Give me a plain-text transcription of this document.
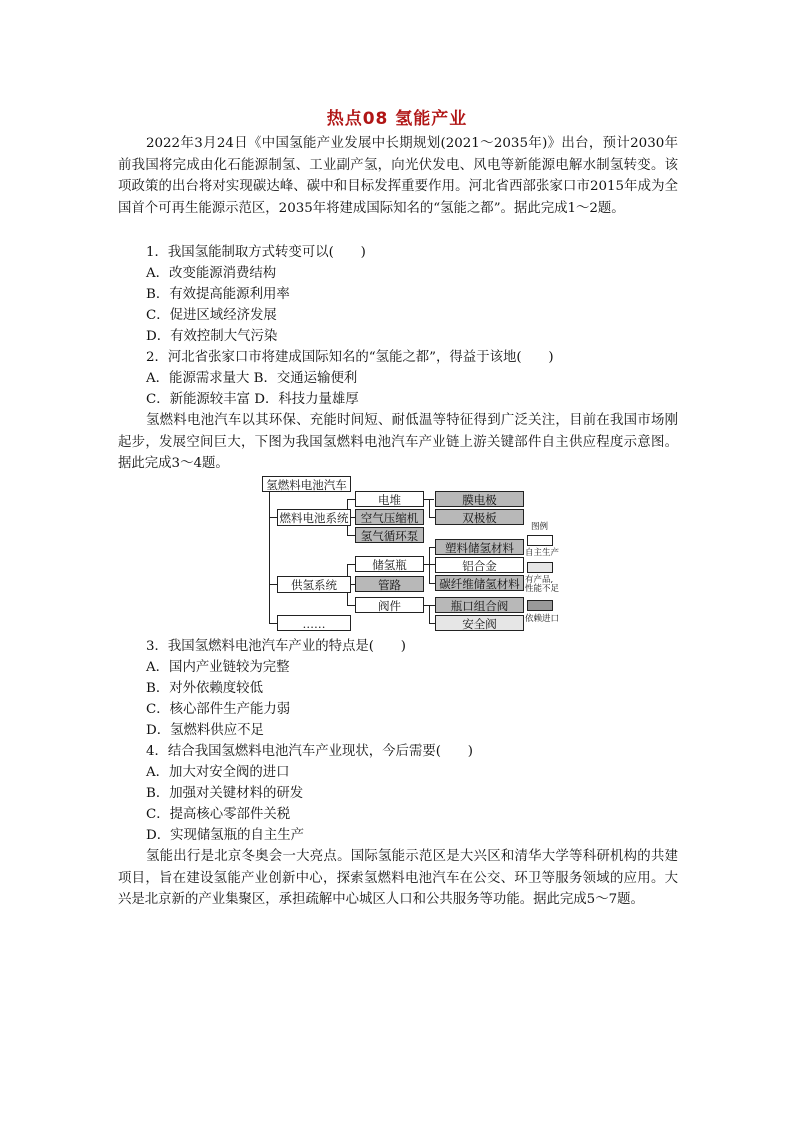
热点08 氢能产业
2022年3月24日《中国氢能产业发展中长期规划(2021～2035年)》出台，预计2030年前我国将完成由化石能源制氢、工业副产氢，向光伏发电、风电等新能源电解水制氢转变。该项政策的出台将对实现碳达峰、碳中和目标发挥重要作用。河北省西部张家口市2015年成为全国首个可再生能源示范区，2035年将建成国际知名的“氢能之都”。据此完成1～2题。
1．我国氢能制取方式转变可以(　　)
A．改变能源消费结构
B．有效提高能源利用率
C．促进区域经济发展
D．有效控制大气污染
2．河北省张家口市将建成国际知名的“氢能之都”，得益于该地(　　)
A．能源需求量大 B．交通运输便利
C．新能源较丰富 D．科技力量雄厚
氢燃料电池汽车以其环保、充能时间短、耐低温等特征得到广泛关注，目前在我国市场刚起步，发展空间巨大，下图为我国氢燃料电池汽车产业链上游关键部件自主供应程度示意图。据此完成3～4题。
氢燃料电池汽车
燃料电池系统
供氢系统
……
电堆
空气压缩机
氢气循环泵
膜电极
双极板
储氢瓶
管路
阀件
塑料储氢材料
铝合金
碳纤维储氢材料
瓶口组合阀
安全阀
图例
自主生产
有产品,
性能不足
依赖进口
3．我国氢燃料电池汽车产业的特点是(　　)
A．国内产业链较为完整
B．对外依赖度较低
C．核心部件生产能力弱
D．氢燃料供应不足
4．结合我国氢燃料电池汽车产业现状，今后需要(　　)
A．加大对安全阀的进口
B．加强对关键材料的研发
C．提高核心零部件关税
D．实现储氢瓶的自主生产
氢能出行是北京冬奥会一大亮点。国际氢能示范区是大兴区和清华大学等科研机构的共建项目，旨在建设氢能产业创新中心，探索氢燃料电池汽车在公交、环卫等服务领域的应用。大兴是北京新的产业集聚区，承担疏解中心城区人口和公共服务等功能。据此完成5～7题。
